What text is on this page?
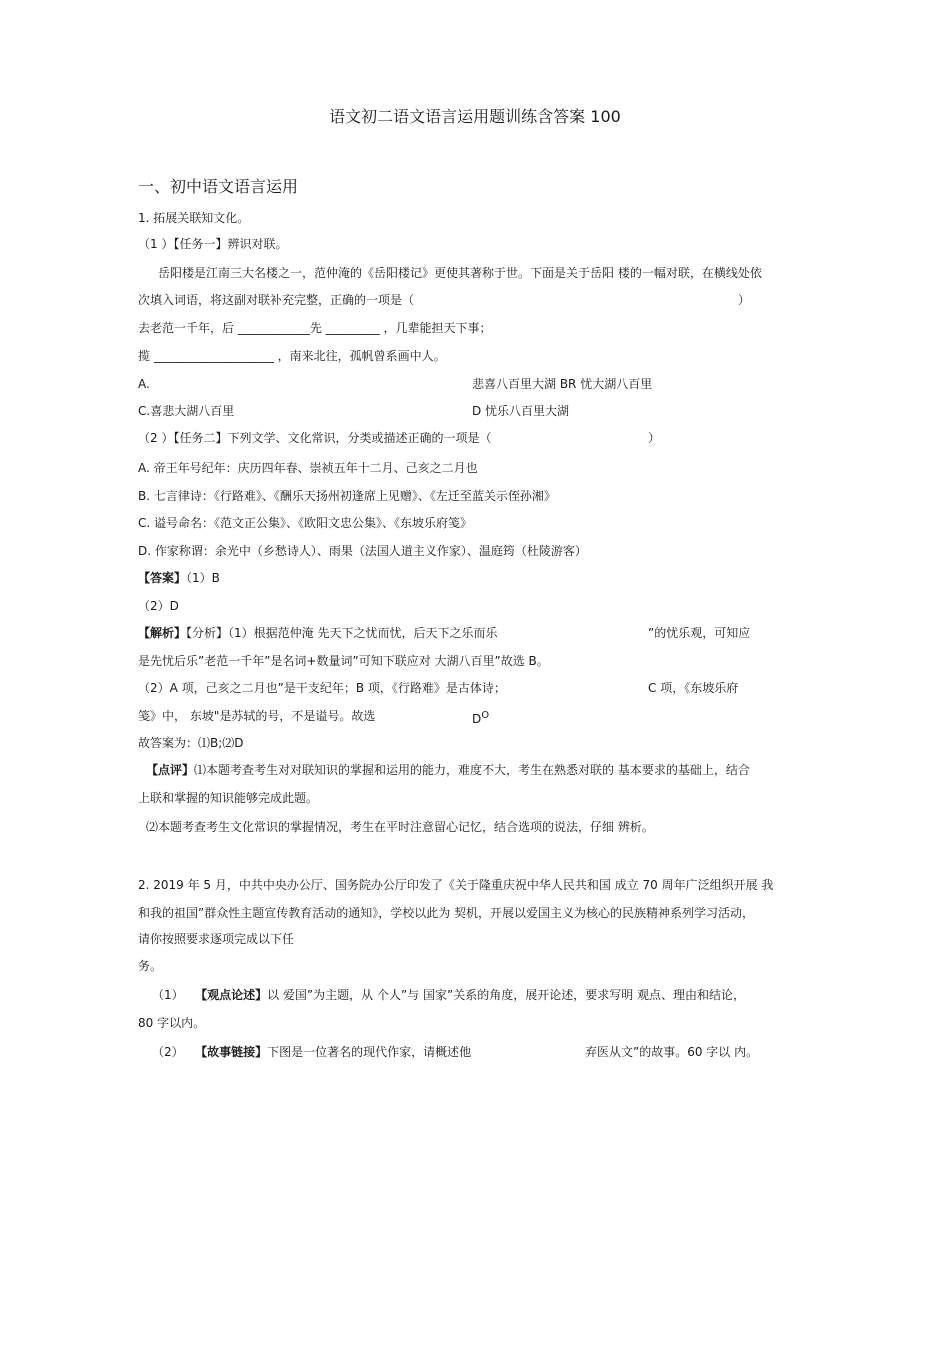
语文初二语文语言运用题训练含答案 100
一、初中语文语言运用
1. 拓展关联知文化。
（1 ）【任务一】辨识对联。
岳阳楼是江南三大名楼之一，范仲淹的《岳阳楼记》更使其著称于世。下面是关于岳阳 楼的一幅对联，在横线处依
次填入词语，将这副对联补充完整，正确的一项是（	）
去老范一千年，后 ____________先 _________ ，几辈能担天下事；
揽 ____________________ ，南来北往，孤帆曾系画中人。
A.	悲喜八百里大湖 BR 忧大湖八百里
C.喜悲大湖八百里	D 忧乐八百里大湖
（2 ）【任务二】下列文学、文化常识，分类或描述正确的一项是（	）
A. 帝王年号纪年：庆历四年春、崇祯五年十二月、己亥之二月也
B. 七言律诗：《行路难》、《酬乐天扬州初逢席上见赠》、《左迁至蓝关示侄孙湘》
C. 谥号命名：《范文正公集》、《欧阳文忠公集》、《东坡乐府笺》
D. 作家称谓：余光中（乡愁诗人）、雨果（法国人道主义作家）、温庭筠（杜陵游客）
【答案】（1）B
（2）D
【解析】【分析】（1）根据范仲淹 先天下之忧而忧，后天下之乐而乐	”的忧乐观，可知应
是先忧后乐”老范一千年”是名词+数量词”可知下联应对 大湖八百里”故选 B。
（2）A 项，己亥之二月也”是干支纪年；B 项，《行路难》是古体诗；	C 项，《东坡乐府
笺》中， 东坡"是苏轼的号，不是谥号。故选	$D^O$
故答案为：⑴B;⑵D
【点评】⑴本题考查考生对对联知识的掌握和运用的能力，难度不大，考生在熟悉对联的 基本要求的基础上，结合
上联和掌握的知识能够完成此题。
⑵本题考查考生文化常识的掌握情况，考生在平时注意留心记忆，结合选项的说法，仔细 辨析。
2. 2019 年 5 月，中共中央办公厅、国务院办公厅印发了《关于隆重庆祝中华人民共和国 成立 70 周年广泛组织开展 我
和我的祖国”群众性主题宣传教育活动的通知》，学校以此为 契机，开展以爱国主义为核心的民族精神系列学习活动，
请你按照要求逐项完成以下任
务。
（1） 【观点论述】以 爱国”为主题，从 个人”与 国家”关系的角度，展开论述，要求写明 观点、理由和结论，
80 字以内。
（2） 【故事链接】下图是一位著名的现代作家，请概述他	弃医从文”的故事。60 字以 内。
